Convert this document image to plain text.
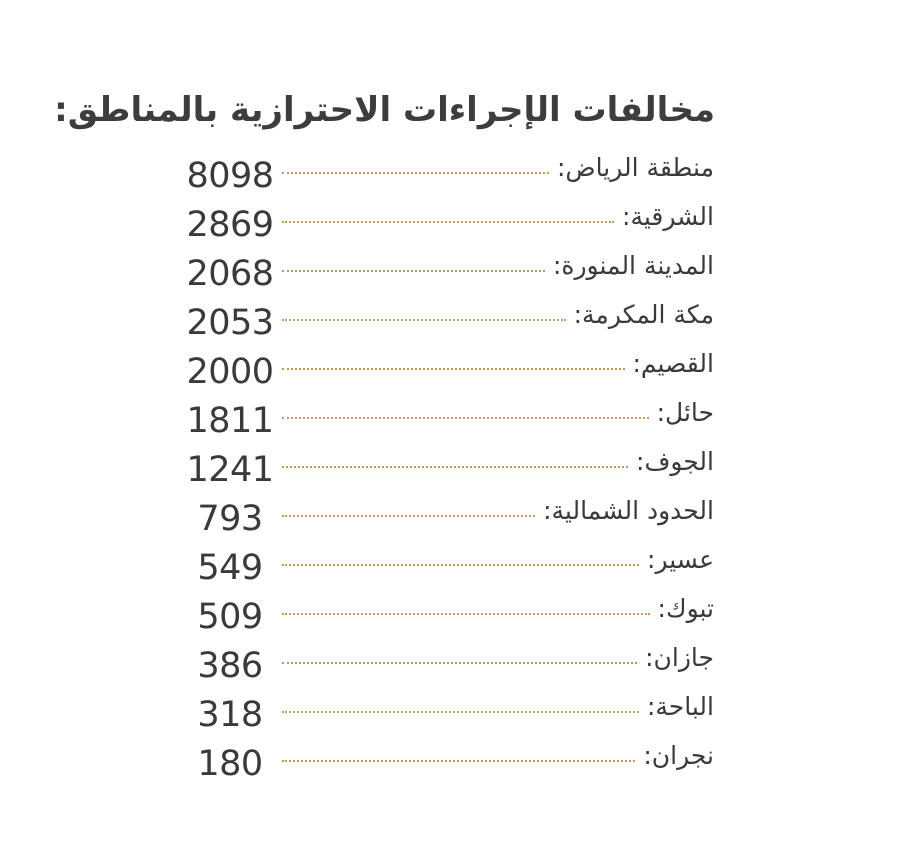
مخالفات الإجراءات الاحترازية بالمناطق:
منطقة الرياض:
8098
الشرقية:
2869
المدينة المنورة:
2068
مكة المكرمة:
2053
القصيم:
2000
حائل:
1811
الجوف:
1241
الحدود الشمالية:
793
عسير:
549
تبوك:
509
جازان:
386
الباحة:
318
نجران:
180
